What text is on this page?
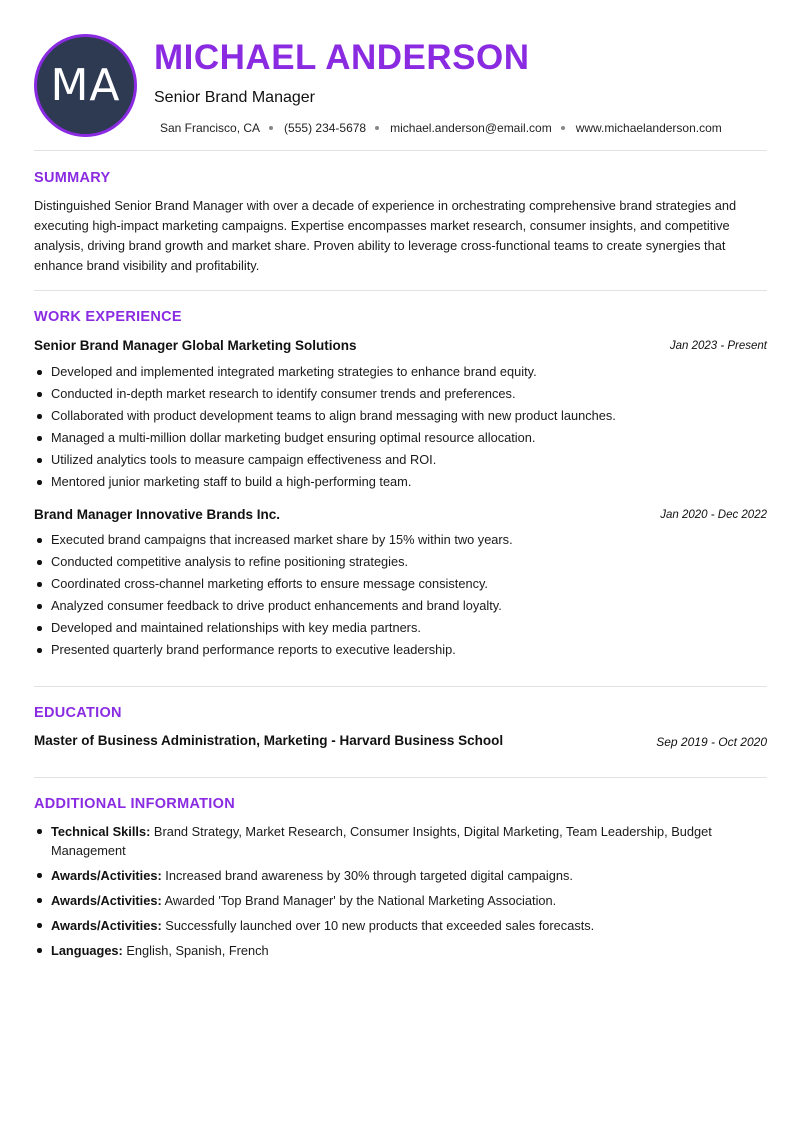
MA
MICHAEL ANDERSON
Senior Brand Manager
San Francisco, CA (555) 234-5678 michael.anderson@email.com www.michaelanderson.com
SUMMARY
Distinguished Senior Brand Manager with over a decade of experience in orchestrating comprehensive brand strategies and executing high-impact marketing campaigns. Expertise encompasses market research, consumer insights, and competitive analysis, driving brand growth and market share. Proven ability to leverage cross-functional teams to create synergies that enhance brand visibility and profitability.
WORK EXPERIENCE
Senior Brand Manager Global Marketing Solutions	Jan 2023 - Present
Developed and implemented integrated marketing strategies to enhance brand equity.
Conducted in-depth market research to identify consumer trends and preferences.
Collaborated with product development teams to align brand messaging with new product launches.
Managed a multi-million dollar marketing budget ensuring optimal resource allocation.
Utilized analytics tools to measure campaign effectiveness and ROI.
Mentored junior marketing staff to build a high-performing team.
Brand Manager Innovative Brands Inc.	Jan 2020 - Dec 2022
Executed brand campaigns that increased market share by 15% within two years.
Conducted competitive analysis to refine positioning strategies.
Coordinated cross-channel marketing efforts to ensure message consistency.
Analyzed consumer feedback to drive product enhancements and brand loyalty.
Developed and maintained relationships with key media partners.
Presented quarterly brand performance reports to executive leadership.
EDUCATION
Master of Business Administration, Marketing - Harvard Business School	Sep 2019 - Oct 2020
ADDITIONAL INFORMATION
Technical Skills: Brand Strategy, Market Research, Consumer Insights, Digital Marketing, Team Leadership, Budget Management
Awards/Activities: Increased brand awareness by 30% through targeted digital campaigns.
Awards/Activities: Awarded 'Top Brand Manager' by the National Marketing Association.
Awards/Activities: Successfully launched over 10 new products that exceeded sales forecasts.
Languages: English, Spanish, French
